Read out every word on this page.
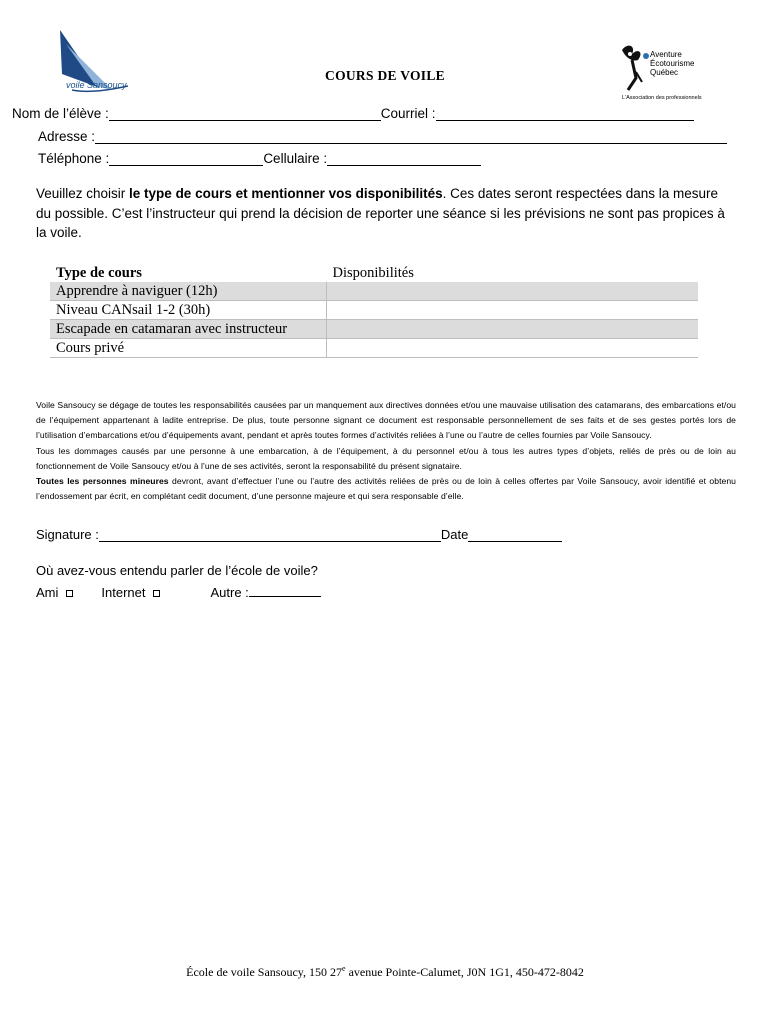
voile Sansoucy
Aventure
Écotourisme
Québec
L'Association des professionnels
COURS DE VOILE
Nom de l’élève :	Courriel :
Adresse :
Téléphone :	Cellulaire :
Veuillez choisir le type de cours et mentionner vos disponibilités. Ces dates seront respectées dans la mesure du possible. C’est l’instructeur qui prend la décision de reporter une séance si les prévisions ne sont pas propices à la voile.
Type de cours	Disponibilités
Apprendre à naviguer (12h)	
Niveau CANsail 1-2 (30h)	
Escapade en catamaran avec instructeur	
Cours privé	

Voile Sansoucy se dégage de toutes les responsabilités causées par un manquement aux directives données et/ou une mauvaise utilisation des catamarans, des embarcations et/ou de l’équipement appartenant à ladite entreprise. De plus, toute personne signant ce document est responsable personnellement de ses faits et de ses gestes portés lors de l’utilisation d’embarcations et/ou d’équipements avant, pendant et après toutes formes d’activités reliées à l’une ou l’autre de celles fournies par Voile Sansoucy.

Tous les dommages causés par une personne à une embarcation, à de l’équipement, à du personnel et/ou à tous les autres types d’objets, reliés de près ou de loin au fonctionnement de Voile Sansoucy et/ou à l’une de ses activités, seront la responsabilité du présent signataire.

Toutes les personnes mineures devront, avant d’effectuer l’une ou l’autre des activités reliées de près ou de loin à celles offertes par Voile Sansoucy, avoir identifié et obtenu l’endossement par écrit, en complétant cedit document, d’une personne majeure et qui sera responsable d’elle.

Signature :	Date
Où avez-vous entendu parler de l’école de voile?
Ami	Internet	Autre :
École de voile Sansoucy, 150 27e avenue Pointe-Calumet, J0N 1G1, 450-472-8042
